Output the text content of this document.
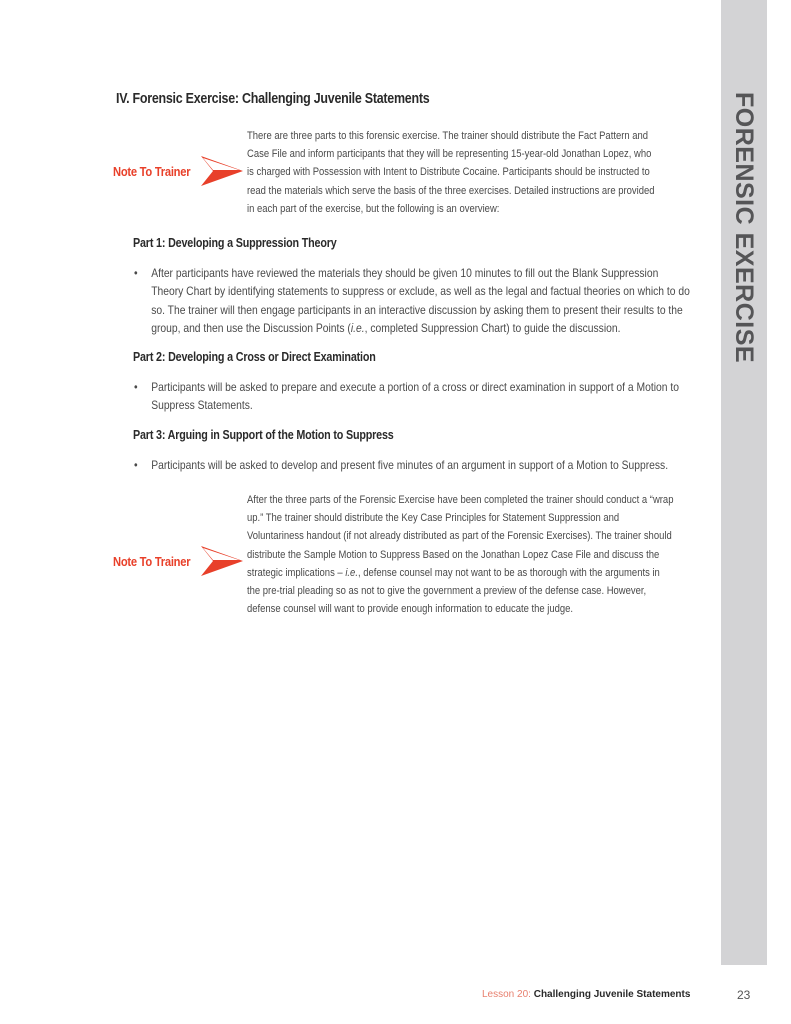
FORENSIC EXERCISE
IV. Forensic Exercise: Challenging Juvenile Statements
Note To Trainer

There are three parts to this forensic exercise. The trainer should distribute the Fact Pattern and Case File and inform participants that they will be representing 15-year-old Jonathan Lopez, who is charged with Possession with Intent to Distribute Cocaine. Participants should be instructed to read the materials which serve the basis of the three exercises. Detailed instructions are provided in each part of the exercise, but the following is an overview:

Part 1: Developing a Suppression Theory
•	After participants have reviewed the materials they should be given 10 minutes to fill out the Blank Suppression Theory Chart by identifying statements to suppress or exclude, as well as the legal and factual theories on which to do so. The trainer will then engage participants in an interactive discussion by asking them to present their results to the group, and then use the Discussion Points (i.e., completed Suppression Chart) to guide the discussion.
Part 2: Developing a Cross or Direct Examination
•	Participants will be asked to prepare and execute a portion of a cross or direct examination in support of a Motion to Suppress Statements.
Part 3: Arguing in Support of the Motion to Suppress
•	Participants will be asked to develop and present five minutes of an argument in support of a Motion to Suppress.
Note To Trainer

After the three parts of the Forensic Exercise have been completed the trainer should conduct a “wrap up.” The trainer should distribute the Key Case Principles for Statement Suppression and Voluntariness handout (if not already distributed as part of the Forensic Exercises). The trainer should distribute the Sample Motion to Suppress Based on the Jonathan Lopez Case File and discuss the strategic implications – i.e., defense counsel may not want to be as thorough with the arguments in the pre-trial pleading so as not to give the government a preview of the defense case. However, defense counsel will want to provide enough information to educate the judge.

Lesson 20: Challenging Juvenile Statements	23
